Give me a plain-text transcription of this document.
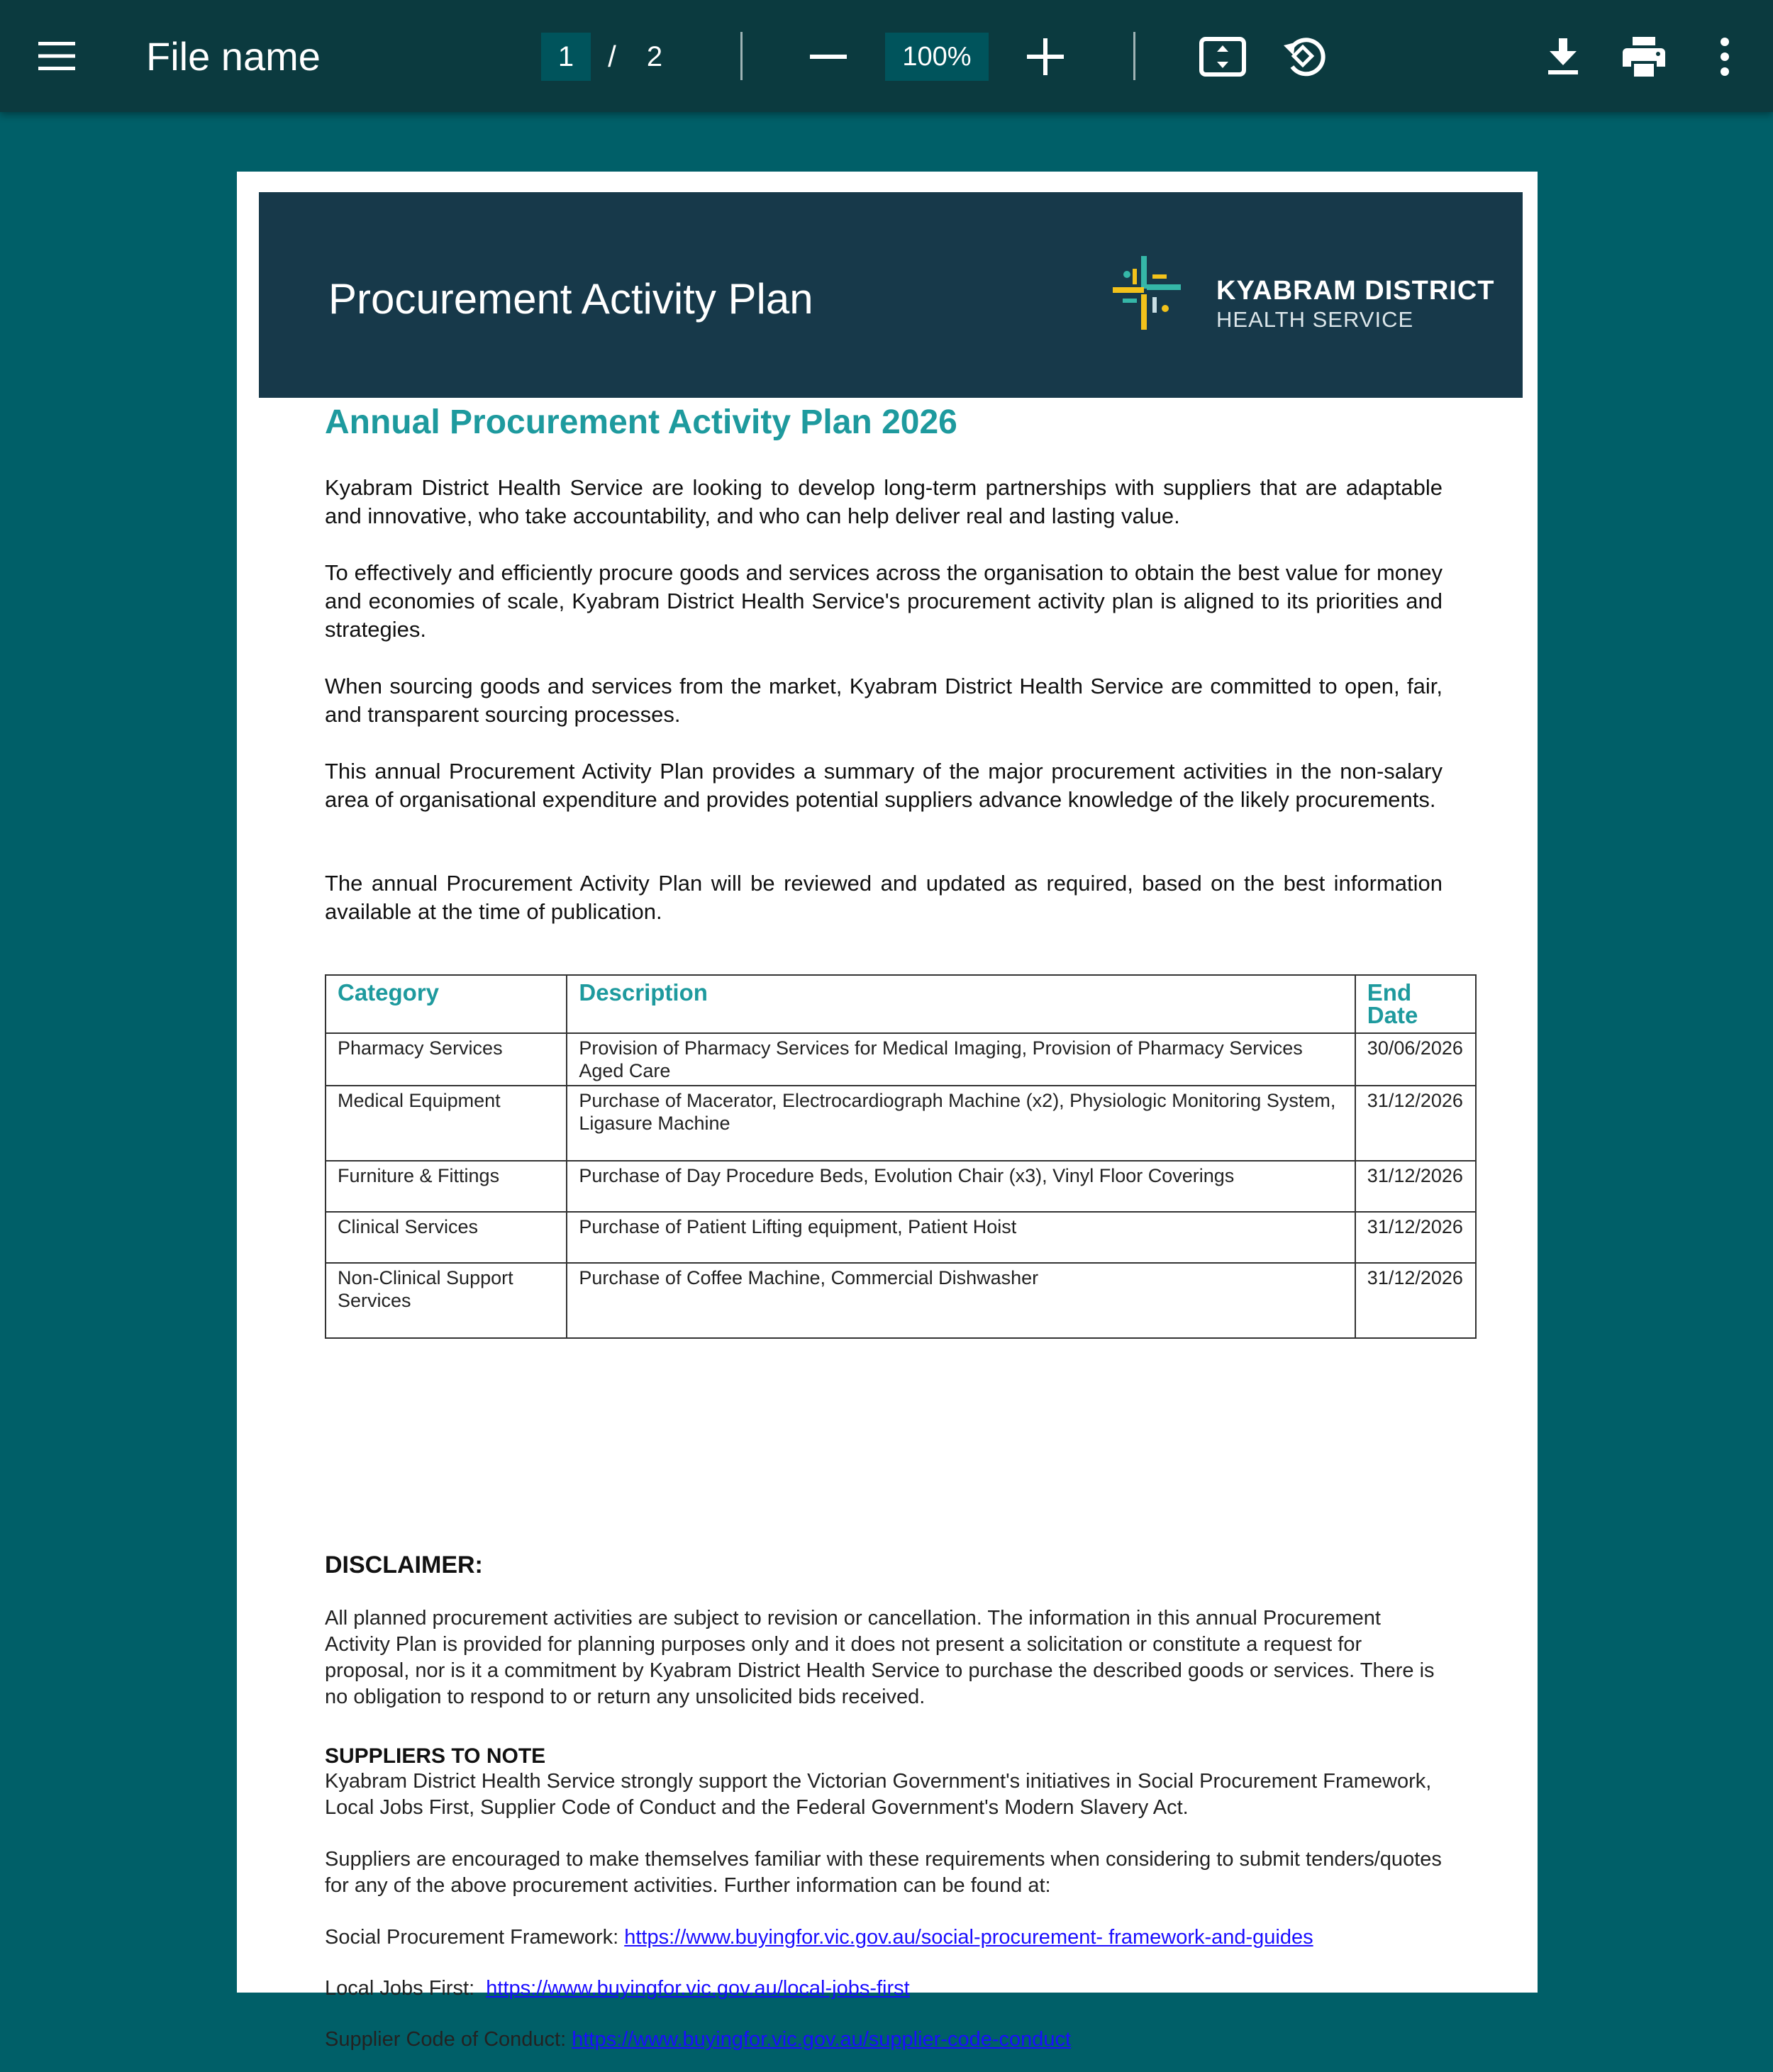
File name	1	/	2	100%
Procurement Activity Plan	KYABRAM DISTRICT
HEALTH SERVICE
Annual Procurement Activity Plan 2026

Kyabram District Health Service are looking to develop long-term partnerships with suppliers that are adaptable and innovative, who take accountability, and who can help deliver real and lasting value.

To effectively and efficiently procure goods and services across the organisation to obtain the best value for money and economies of scale, Kyabram District Health Service's procurement activity plan is aligned to its priorities and strategies.

When sourcing goods and services from the market, Kyabram District Health Service are committed to open, fair, and transparent sourcing processes.

This annual Procurement Activity Plan provides a summary of the major procurement activities in the non-salary area of organisational expenditure and provides potential suppliers advance knowledge of the likely procurements.

The annual Procurement Activity Plan will be reviewed and updated as required, based on the best information available at the time of publication.

Category	Description	End Date
Pharmacy Services	Provision of Pharmacy Services for Medical Imaging, Provision of Pharmacy Services Aged Care	30/06/2026
Medical Equipment	Purchase of Macerator, Electrocardiograph Machine (x2), Physiologic Monitoring System, Ligasure Machine	31/12/2026
Furniture & Fittings	Purchase of Day Procedure Beds, Evolution Chair (x3), Vinyl Floor Coverings	31/12/2026
Clinical Services	Purchase of Patient Lifting equipment, Patient Hoist	31/12/2026
Non-Clinical Support Services	Purchase of Coffee Machine, Commercial Dishwasher	31/12/2026
DISCLAIMER:

All planned procurement activities are subject to revision or cancellation. The information in this annual Procurement Activity Plan is provided for planning purposes only and it does not present a solicitation or constitute a request for proposal, nor is it a commitment by Kyabram District Health Service to purchase the described goods or services. There is no obligation to respond to or return any unsolicited bids received.

SUPPLIERS TO NOTE

Kyabram District Health Service strongly support the Victorian Government's initiatives in Social Procurement Framework, Local Jobs First, Supplier Code of Conduct and the Federal Government's Modern Slavery Act.

Suppliers are encouraged to make themselves familiar with these requirements when considering to submit tenders/quotes for any of the above procurement activities. Further information can be found at:

Social Procurement Framework: https://www.buyingfor.vic.gov.au/social-procurement- framework-and-guides
Local Jobs First: https://www.buyingfor.vic.gov.au/local-jobs-first
Supplier Code of Conduct: https://www.buyingfor.vic.gov.au/supplier-code-conduct
